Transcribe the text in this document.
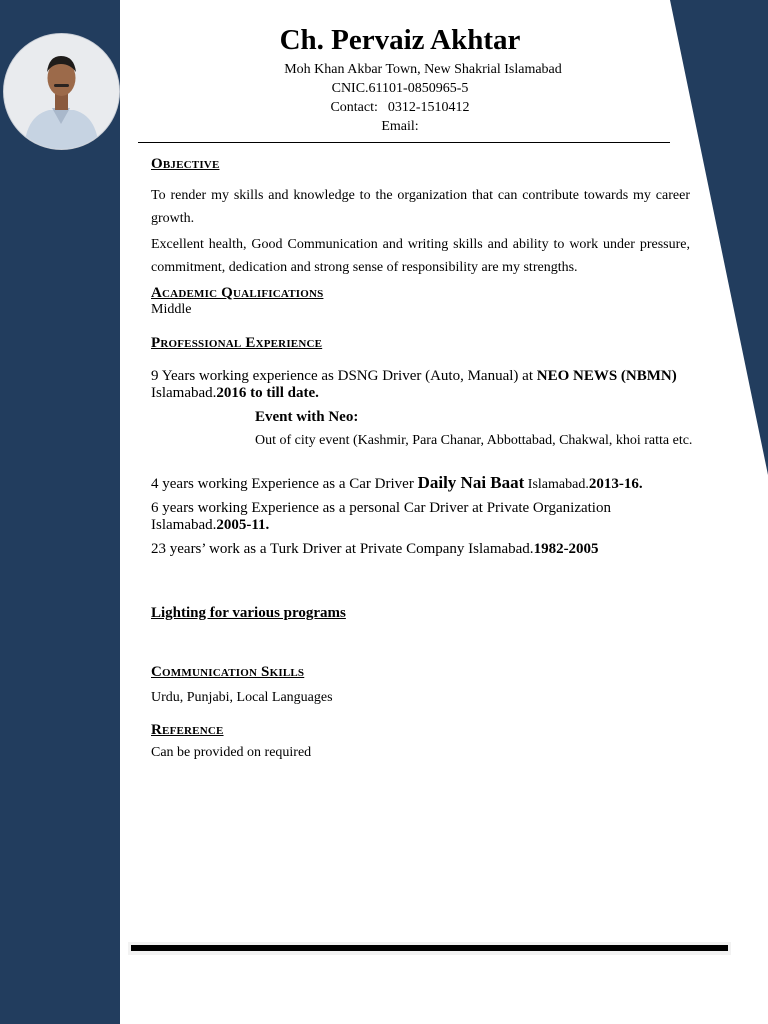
Ch. Pervaiz Akhtar
Moh Khan Akbar Town, New Shakrial Islamabad
CNIC.61101-0850965-5
Contact: 0312-1510412
Email:
Objective
To render my skills and knowledge to the organization that can contribute towards my career growth.
Excellent health, Good Communication and writing skills and ability to work under pressure, commitment, dedication and strong sense of responsibility are my strengths.
Academic Qualifications
Middle
Professional Experience
9 Years working experience as DSNG Driver (Auto, Manual) at NEO NEWS (NBMN)
Islamabad.2016 to till date.
Event with Neo:
Out of city event (Kashmir, Para Chanar, Abbottabad, Chakwal, khoi ratta etc.
4 years working Experience as a Car Driver Daily Nai Baat Islamabad.2013-16.
6 years working Experience as a personal Car Driver at Private Organization Islamabad.2005-11.
23 years’ work as a Turk Driver at Private Company Islamabad.1982-2005
Lighting for various programs
Communication Skills
Urdu, Punjabi, Local Languages
Reference
Can be provided on required
